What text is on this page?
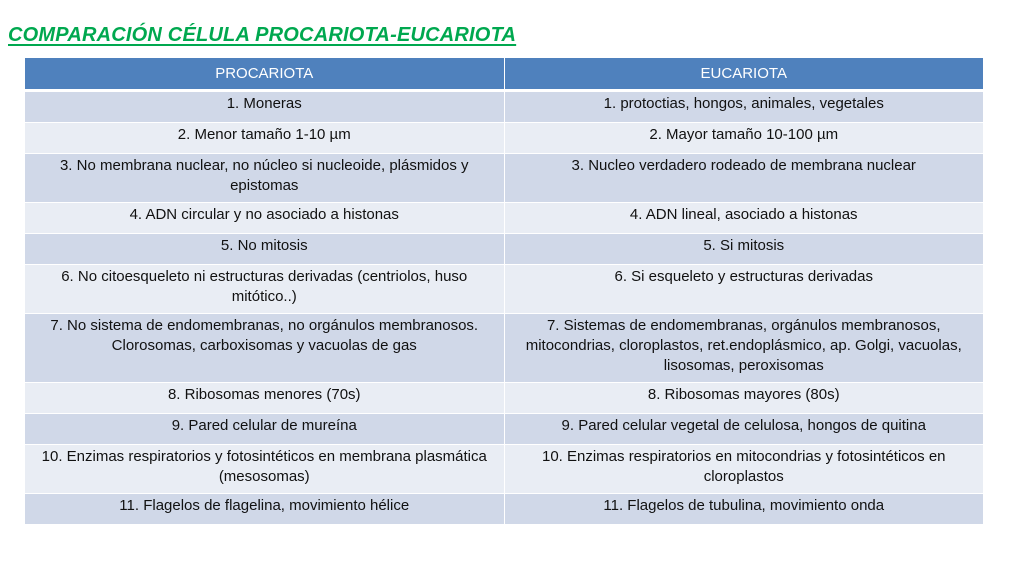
COMPARACIÓN CÉLULA PROCARIOTA-EUCARIOTA
PROCARIOTA	EUCARIOTA
1. Moneras	1. protoctias, hongos, animales, vegetales
2. Menor tamaño 1-10 µm	2. Mayor tamaño 10-100 µm
3. No membrana nuclear, no núcleo si nucleoide, plásmidos y epistomas	3. Nucleo verdadero rodeado de membrana nuclear
4. ADN circular y no asociado a histonas	4. ADN lineal, asociado a histonas
5. No mitosis	5. Si mitosis
6. No citoesqueleto ni estructuras derivadas (centriolos, huso mitótico..)	6. Si esqueleto y estructuras derivadas
7. No sistema de endomembranas, no orgánulos membranosos. Clorosomas, carboxisomas y vacuolas de gas	7. Sistemas de endomembranas, orgánulos membranosos, mitocondrias, cloroplastos, ret.endoplásmico, ap. Golgi, vacuolas, lisosomas, peroxisomas
8. Ribosomas menores (70s)	8. Ribosomas mayores (80s)
9. Pared celular de mureína	9. Pared celular vegetal de celulosa, hongos de quitina
10. Enzimas respiratorios y fotosintéticos en membrana plasmática (mesosomas)	10. Enzimas respiratorios en mitocondrias y fotosintéticos en cloroplastos
11. Flagelos de flagelina, movimiento hélice	11. Flagelos de tubulina, movimiento onda
